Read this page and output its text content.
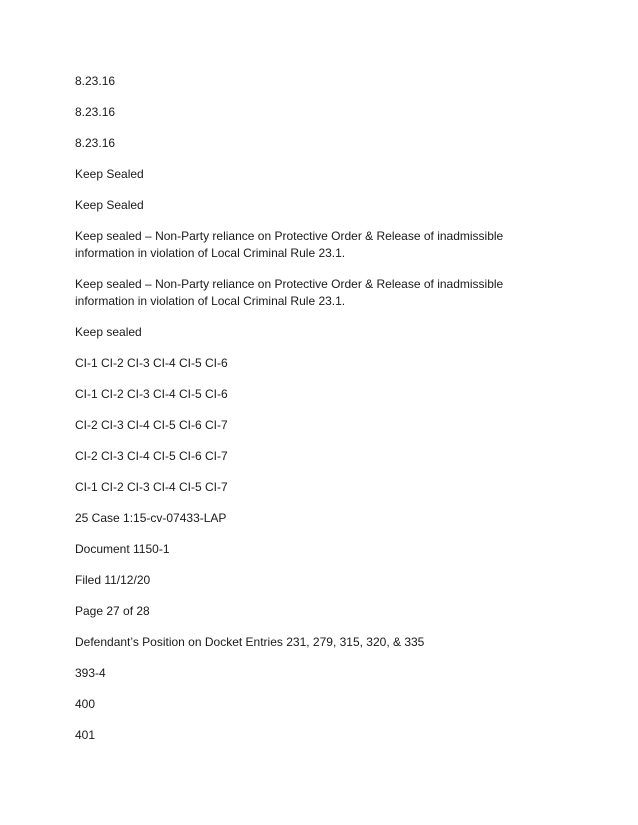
8.23.16

8.23.16

8.23.16

Keep Sealed

Keep Sealed

Keep sealed – Non-Party reliance on Protective Order & Release of inadmissible information in violation of Local Criminal Rule 23.1.

Keep sealed – Non-Party reliance on Protective Order & Release of inadmissible information in violation of Local Criminal Rule 23.1.

Keep sealed

CI-1 CI-2 CI-3 CI-4 CI-5 CI-6

CI-1 CI-2 CI-3 CI-4 CI-5 CI-6

CI-2 CI-3 CI-4 CI-5 CI-6 CI-7

CI-2 CI-3 CI-4 CI-5 CI-6 CI-7

CI-1 CI-2 CI-3 CI-4 CI-5 CI-7

25 Case 1:15-cv-07433-LAP

Document 1150-1

Filed 11/12/20

Page 27 of 28

Defendant’s Position on Docket Entries 231, 279, 315, 320, & 335

393-4

400

401
